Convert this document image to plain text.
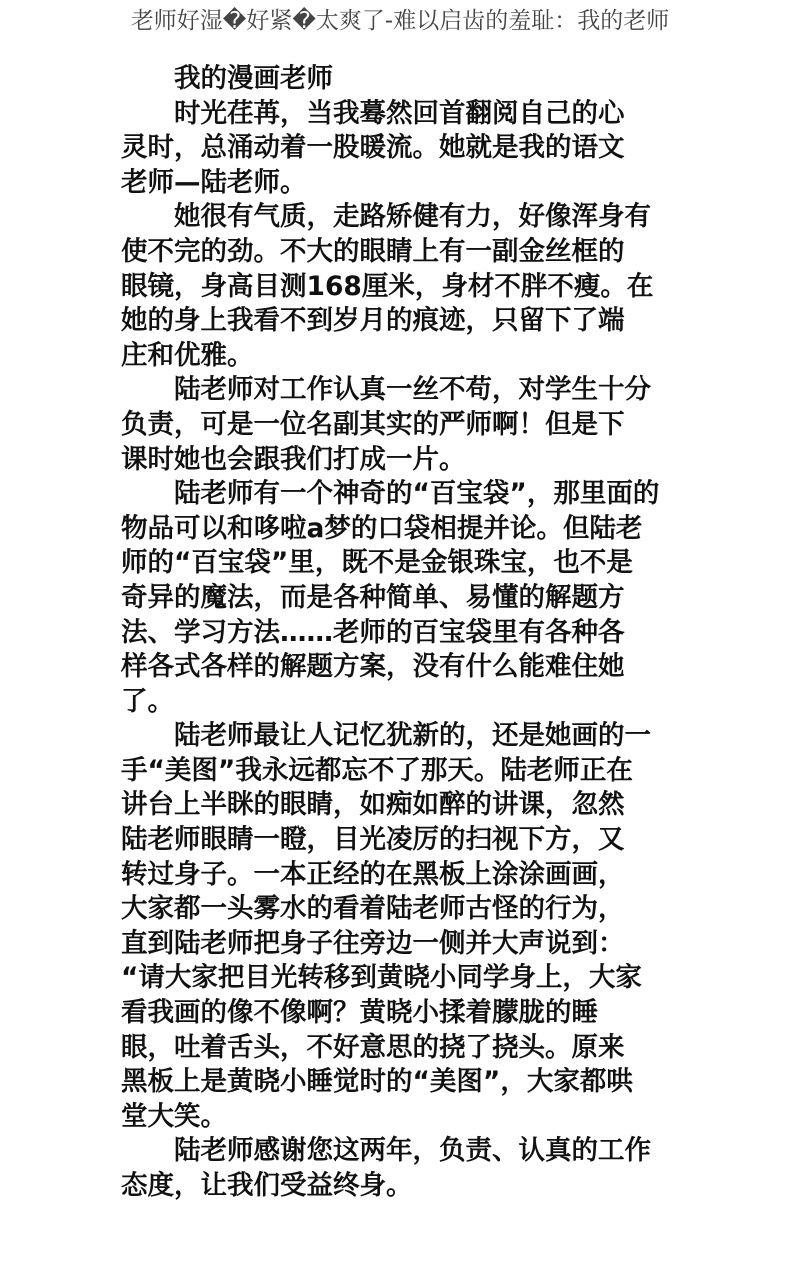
老师好湿�好紧�太爽了-难以启齿的羞耻：我的老师
我的漫画老师

时光荏苒，当我蓦然回首翻阅自己的心
灵时，总涌动着一股暖流。她就是我的语文
老师—陆老师。

她很有气质，走路矫健有力，好像浑身有
使不完的劲。不大的眼睛上有一副金丝框的
眼镜，身高目测168厘米，身材不胖不瘦。在
她的身上我看不到岁月的痕迹，只留下了端
庄和优雅。

陆老师对工作认真一丝不苟，对学生十分
负责，可是一位名副其实的严师啊！但是下
课时她也会跟我们打成一片。

陆老师有一个神奇的“百宝袋”，那里面的
物品可以和哆啦a梦的口袋相提并论。但陆老
师的“百宝袋”里，既不是金银珠宝，也不是
奇异的魔法，而是各种简单、易懂的解题方
法、学习方法……老师的百宝袋里有各种各
样各式各样的解题方案，没有什么能难住她
了。

陆老师最让人记忆犹新的，还是她画的一
手“美图”我永远都忘不了那天。陆老师正在
讲台上半眯的眼睛，如痴如醉的讲课，忽然
陆老师眼睛一瞪，目光凌厉的扫视下方，又
转过身子。一本正经的在黑板上涂涂画画，
大家都一头雾水的看着陆老师古怪的行为，
直到陆老师把身子往旁边一侧并大声说到：
“请大家把目光转移到黄晓小同学身上，大家
看我画的像不像啊？黄晓小揉着朦胧的睡
眼，吐着舌头，不好意思的挠了挠头。原来
黑板上是黄晓小睡觉时的“美图”，大家都哄
堂大笑。

陆老师感谢您这两年，负责、认真的工作
态度，让我们受益终身。
